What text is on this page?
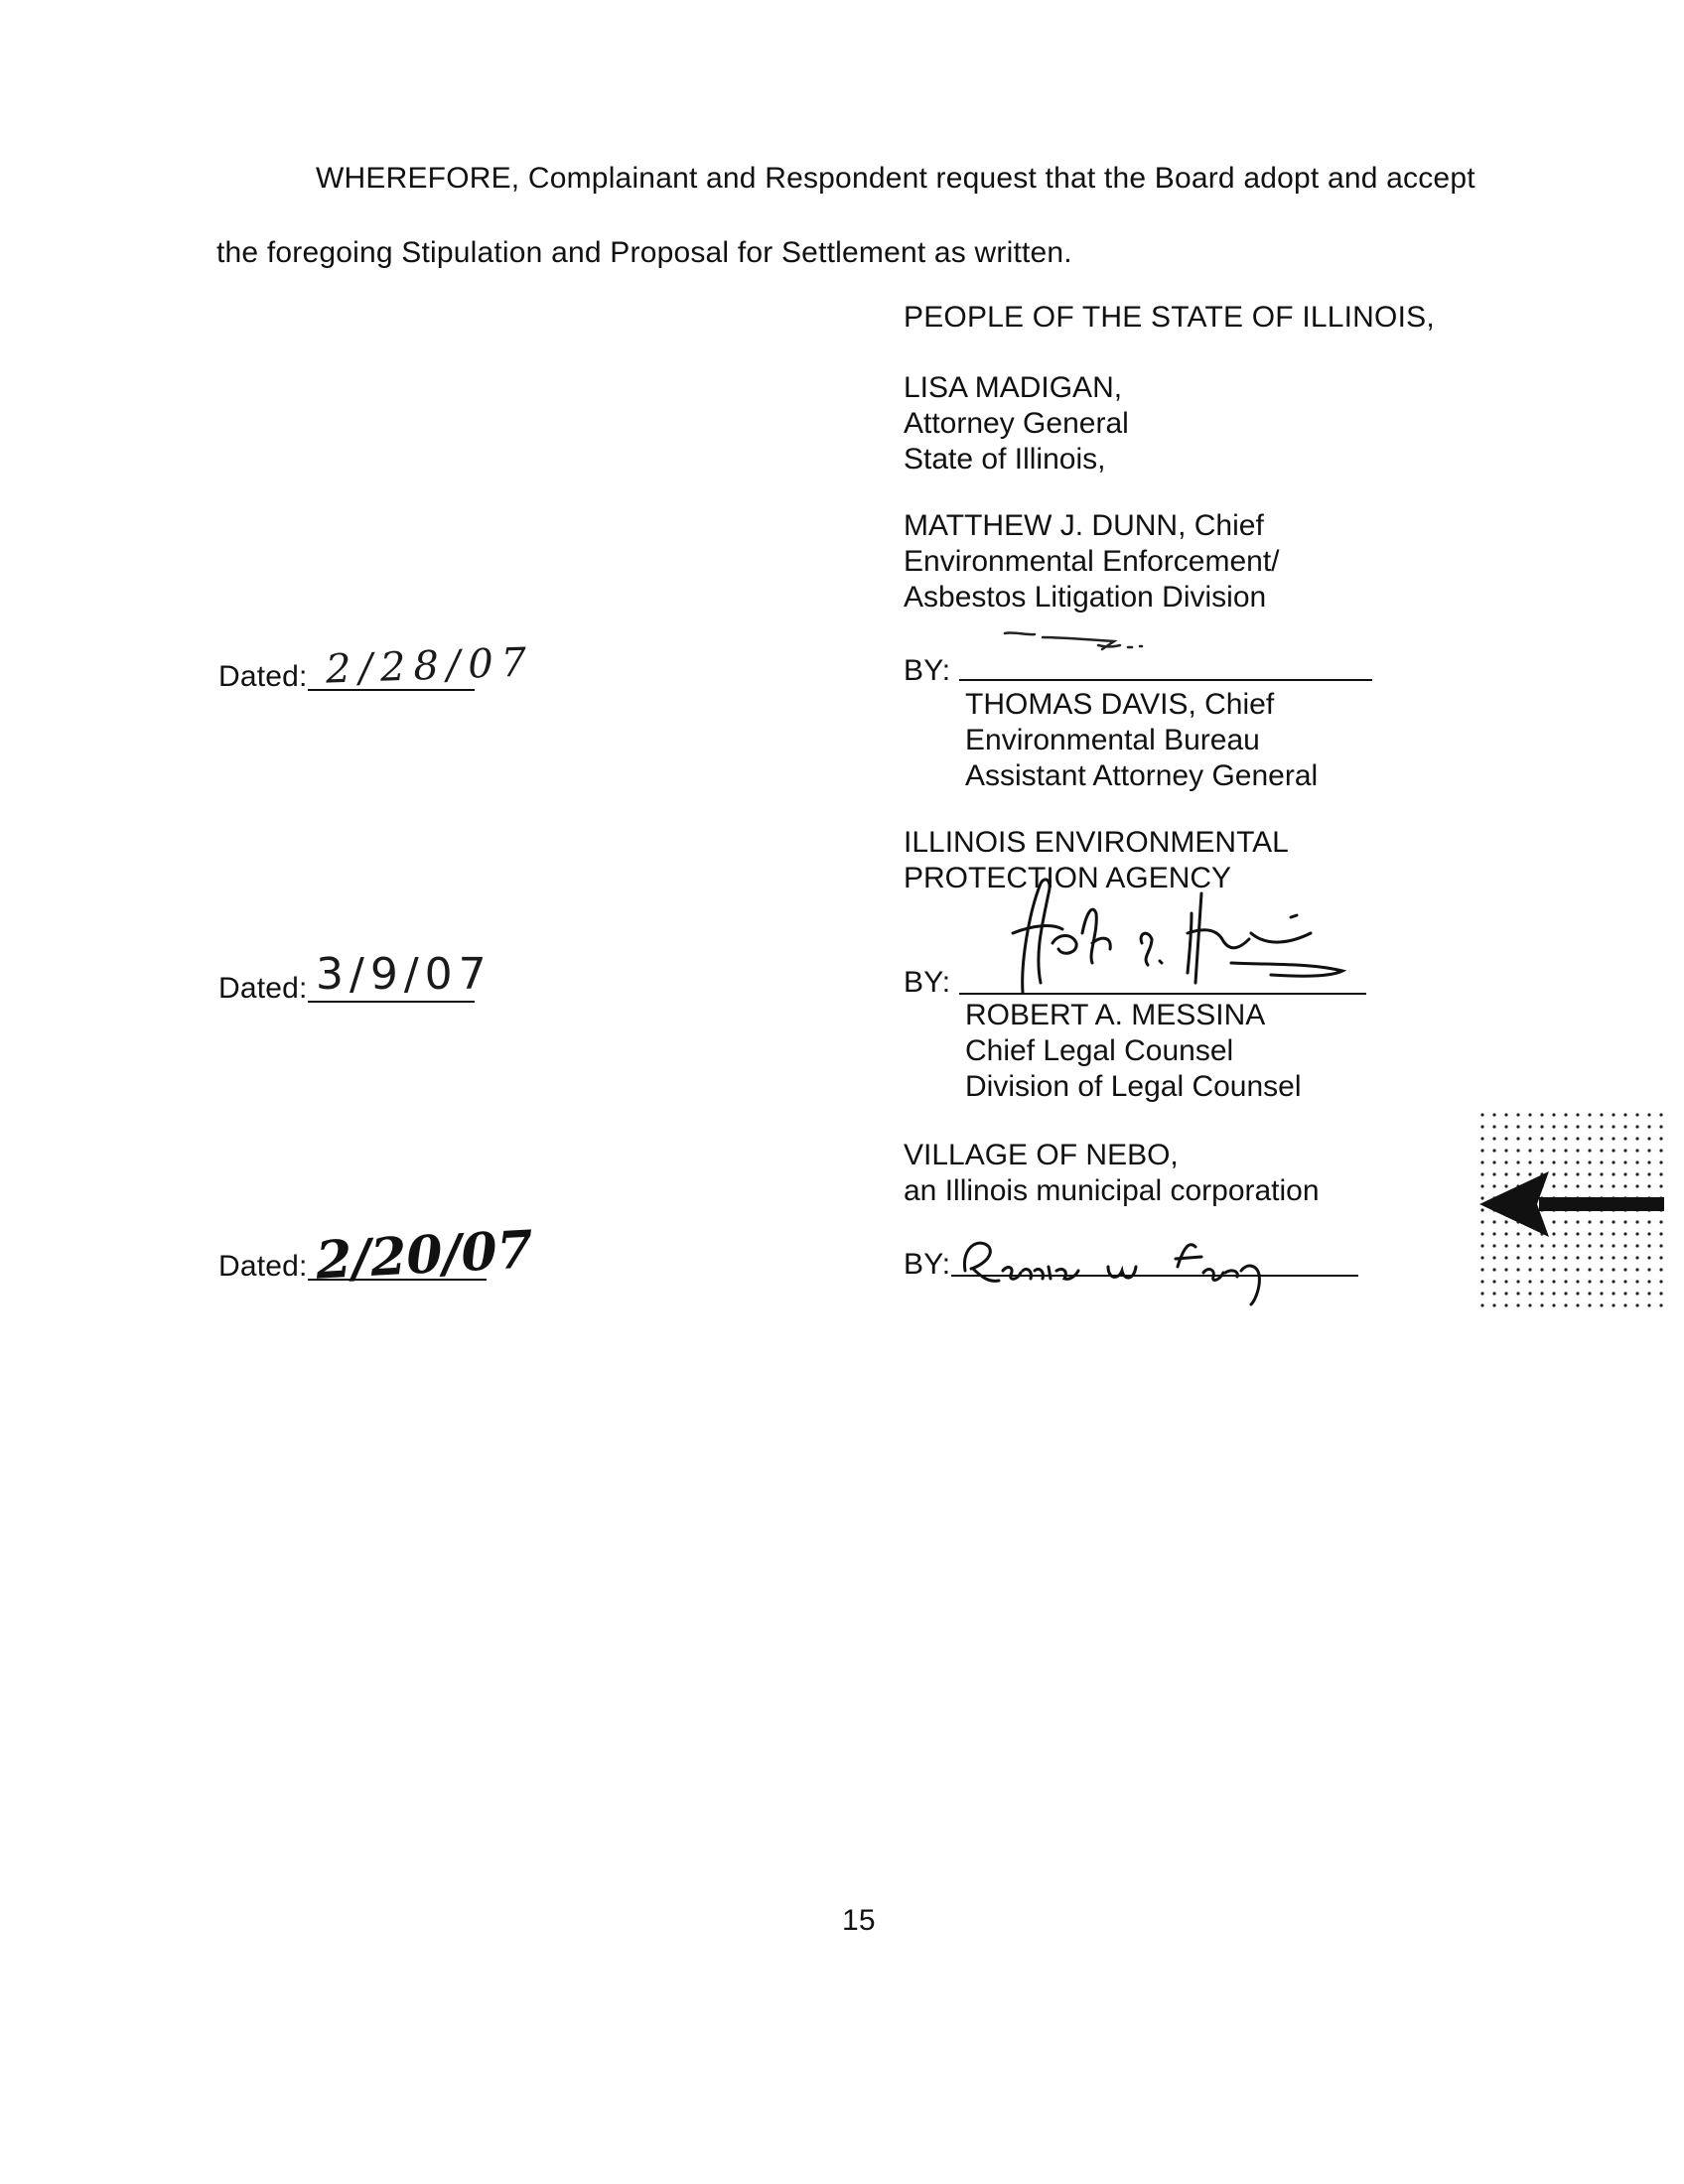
WHEREFORE, Complainant and Respondent request that the Board adopt and accept
the foregoing Stipulation and Proposal for Settlement as written.
PEOPLE OF THE STATE OF ILLINOIS,
LISA MADIGAN,
Attorney General
State of Illinois,
MATTHEW J. DUNN, Chief
Environmental Enforcement/
Asbestos Litigation Division
Dated: 2/28/07	BY:
THOMAS DAVIS, Chief
Environmental Bureau
Assistant Attorney General
ILLINOIS ENVIRONMENTAL
PROTECTION AGENCY
Dated: 3/9/07	BY:
ROBERT A. MESSINA
Chief Legal Counsel
Division of Legal Counsel
VILLAGE OF NEBO,
an Illinois municipal corporation
Dated: 2/20/07	BY:
15
